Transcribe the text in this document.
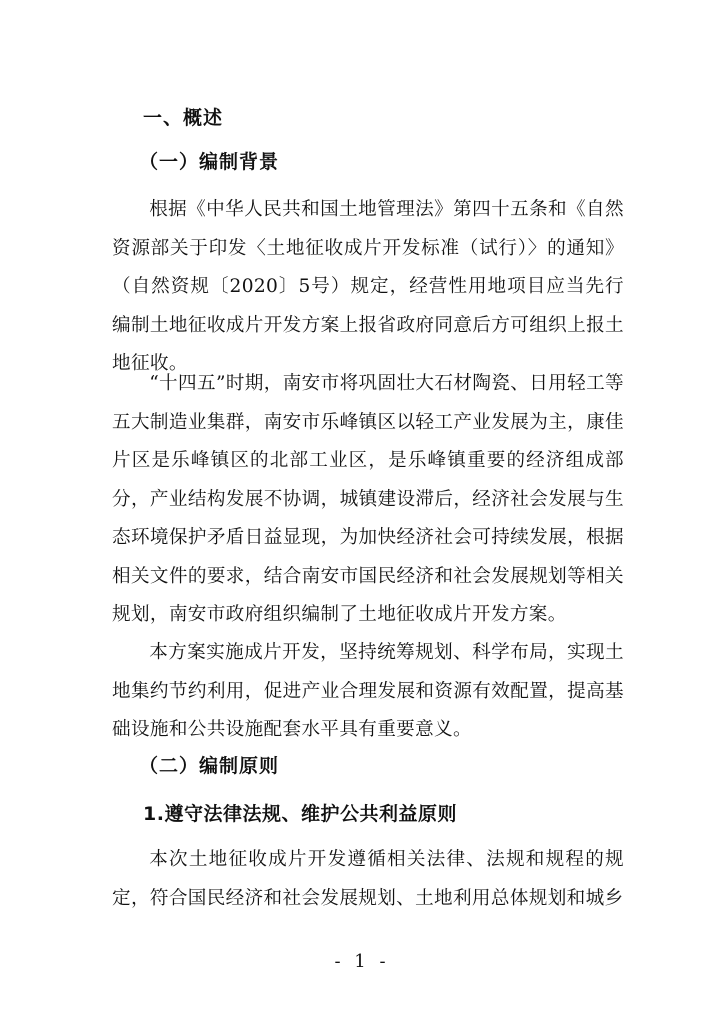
一、概述
（一）编制背景
根据《中华人民共和国土地管理法》第四十五条和《自然资源部关于印发〈土地征收成片开发标准（试行）〉的通知》（自然资规〔2020〕5号）规定，经营性用地项目应当先行编制土地征收成片开发方案上报省政府同意后方可组织上报土地征收。
“十四五”时期，南安市将巩固壮大石材陶瓷、日用轻工等五大制造业集群，南安市乐峰镇区以轻工产业发展为主，康佳片区是乐峰镇区的北部工业区，是乐峰镇重要的经济组成部分，产业结构发展不协调，城镇建设滞后，经济社会发展与生态环境保护矛盾日益显现，为加快经济社会可持续发展，根据相关文件的要求，结合南安市国民经济和社会发展规划等相关规划，南安市政府组织编制了土地征收成片开发方案。
本方案实施成片开发，坚持统筹规划、科学布局，实现土地集约节约利用，促进产业合理发展和资源有效配置，提高基础设施和公共设施配套水平具有重要意义。
（二）编制原则
1.遵守法律法规、维护公共利益原则
本次土地征收成片开发遵循相关法律、法规和规程的规定，符合国民经济和社会发展规划、土地利用总体规划和城乡
- 1 -
